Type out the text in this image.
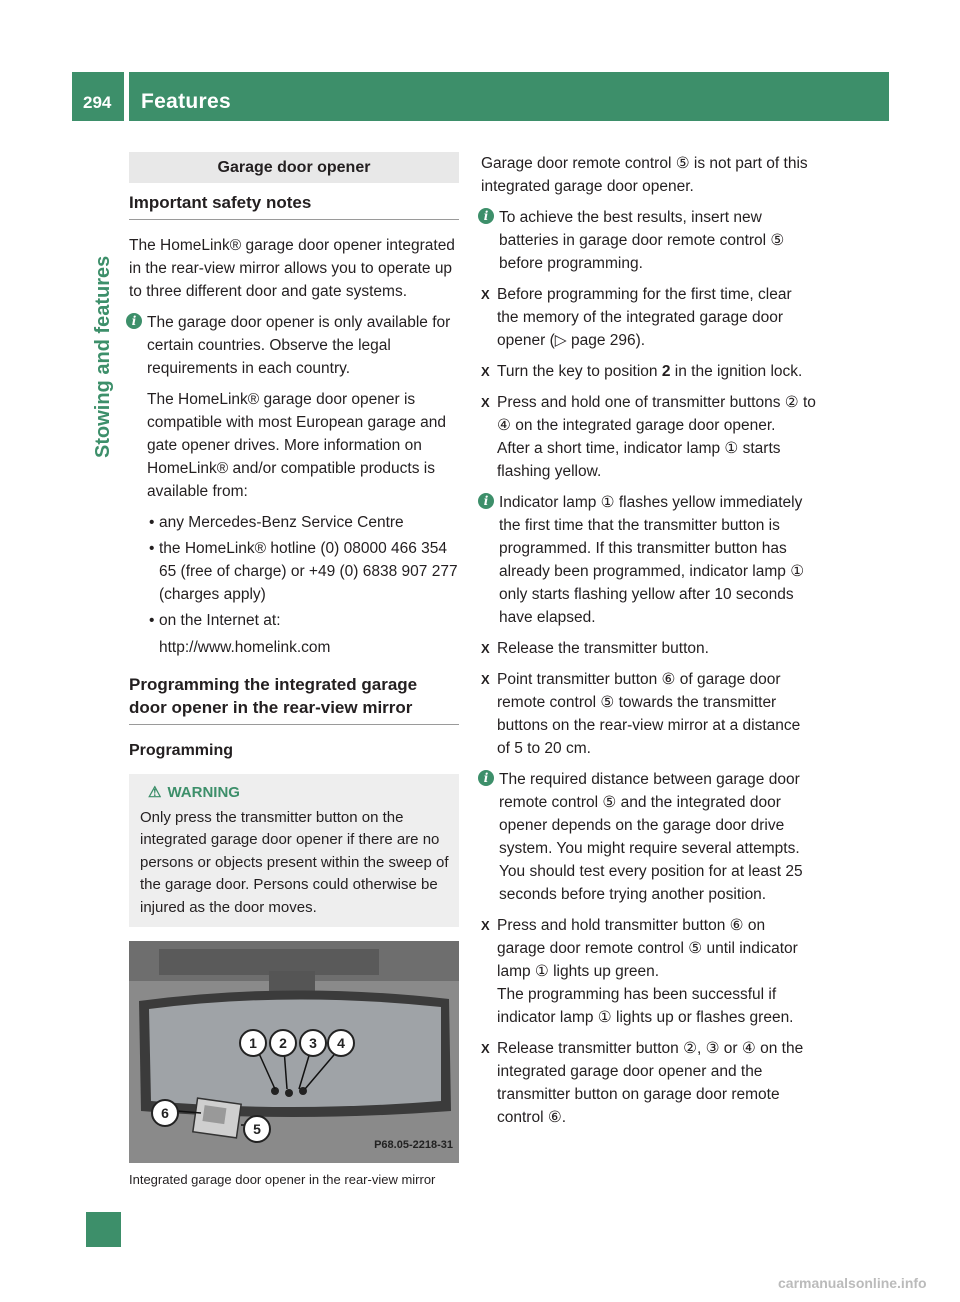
294 Features
Stowing and features
Garage door opener
Important safety notes

The HomeLink® garage door opener integrated in the rear-view mirror allows you to operate up to three different door and gate systems.

i The garage door opener is only available for certain countries. Observe the legal requirements in each country.

The HomeLink® garage door opener is compatible with most European garage and gate opener drives. More information on HomeLink® and/or compatible products is available from:

• any Mercedes-Benz Service Centre
• the HomeLink® hotline (0) 08000 466 354 65 (free of charge) or +49 (0) 6838 907 277 (charges apply)
• on the Internet at:
http://www.homelink.com
Programming the integrated garage door opener in the rear-view mirror
Programming
⚠ WARNING
Only press the transmitter button on the integrated garage door opener if there are no persons or objects present within the sweep of the garage door. Persons could otherwise be injured as the door moves.
1	2	3	4
5
6
P68.05-2218-31
Integrated garage door opener in the rear-view mirror

Garage door remote control ⑤ is not part of this integrated garage door opener.

i To achieve the best results, insert new batteries in garage door remote control ⑤ before programming.

X Before programming for the first time, clear the memory of the integrated garage door opener (▷ page 296).

X Turn the key to position 2 in the ignition lock.

X Press and hold one of transmitter buttons ② to ④ on the integrated garage door opener.

After a short time, indicator lamp ① starts flashing yellow.

i Indicator lamp ① flashes yellow immediately the first time that the transmitter button is programmed. If this transmitter button has already been programmed, indicator lamp ① only starts flashing yellow after 10 seconds have elapsed.

X Release the transmitter button.

X Point transmitter button ⑥ of garage door remote control ⑤ towards the transmitter buttons on the rear-view mirror at a distance of 5 to 20 cm.

i The required distance between garage door remote control ⑤ and the integrated door opener depends on the garage door drive system. You might require several attempts. You should test every position for at least 25 seconds before trying another position.

X Press and hold transmitter button ⑥ on garage door remote control ⑤ until indicator lamp ① lights up green.

The programming has been successful if indicator lamp ① lights up or flashes green.

X Release transmitter button ②, ③ or ④ on the integrated garage door opener and the transmitter button on garage door remote control ⑥.

carmanualsonline.info
